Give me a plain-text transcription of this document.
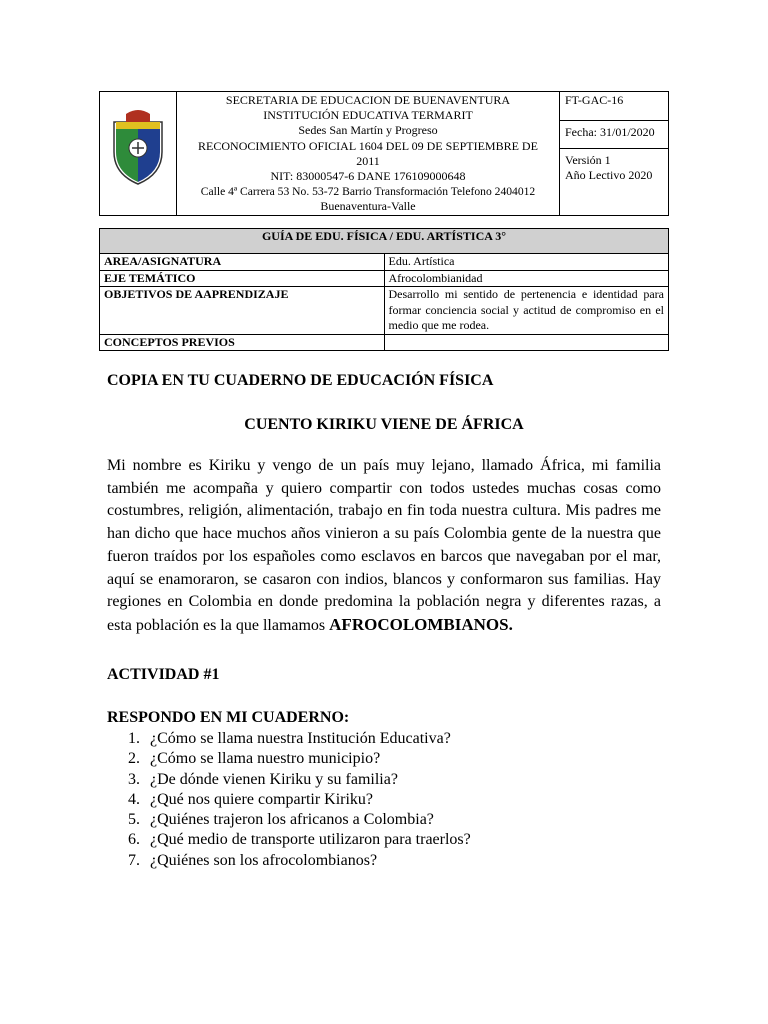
SECRETARIA DE EDUCACION DE BUENAVENTURA
INSTITUCIÓN EDUCATIVA TERMARIT
Sedes San Martín y Progreso
RECONOCIMIENTO OFICIAL 1604 DEL 09 DE SEPTIEMBRE DE
2011
NIT: 83000547-6 DANE 176109000648
Calle 4ª Carrera 53 No. 53-72 Barrio Transformación Telefono 2404012
Buenaventura-Valle
	FT-GAC-16
Fecha: 31/01/2020

Versión 1
Año Lectivo 2020
GUÍA DE EDU. FÍSICA / EDU. ARTÍSTICA 3°	
AREA/ASIGNATURA	Edu. Artística
EJE TEMÁTICO	Afrocolombianidad
OBJETIVOS DE AAPRENDIZAJE	Desarrollo mi sentido de pertenencia e identidad para formar conciencia social y actitud de compromiso en el medio que me rodea.
CONCEPTOS PREVIOS	

COPIA EN TU CUADERNO DE EDUCACIÓN FÍSICA

CUENTO KIRIKU VIENE DE ÁFRICA

Mi nombre es Kiriku y vengo de un país muy lejano, llamado África, mi familia también me acompaña y quiero compartir con todos ustedes muchas cosas como costumbres, religión, alimentación, trabajo en fin toda nuestra cultura. Mis padres me han dicho que hace muchos años vinieron a su país Colombia gente de la nuestra que fueron traídos por los españoles como esclavos en barcos que navegaban por el mar, aquí se enamoraron, se casaron con indios, blancos y conformaron sus familias. Hay regiones en Colombia en donde predomina la población negra y diferentes razas, a esta población es la que llamamos AFROCOLOMBIANOS.

ACTIVIDAD #1

RESPONDO EN MI CUADERNO:

1. ¿Cómo se llama nuestra Institución Educativa?
2. ¿Cómo se llama nuestro municipio?
3. ¿De dónde vienen Kiriku y su familia?
4. ¿Qué nos quiere compartir Kiriku?
5. ¿Quiénes trajeron los africanos a Colombia?
6. ¿Qué medio de transporte utilizaron para traerlos?
7. ¿Quiénes son los afrocolombianos?
